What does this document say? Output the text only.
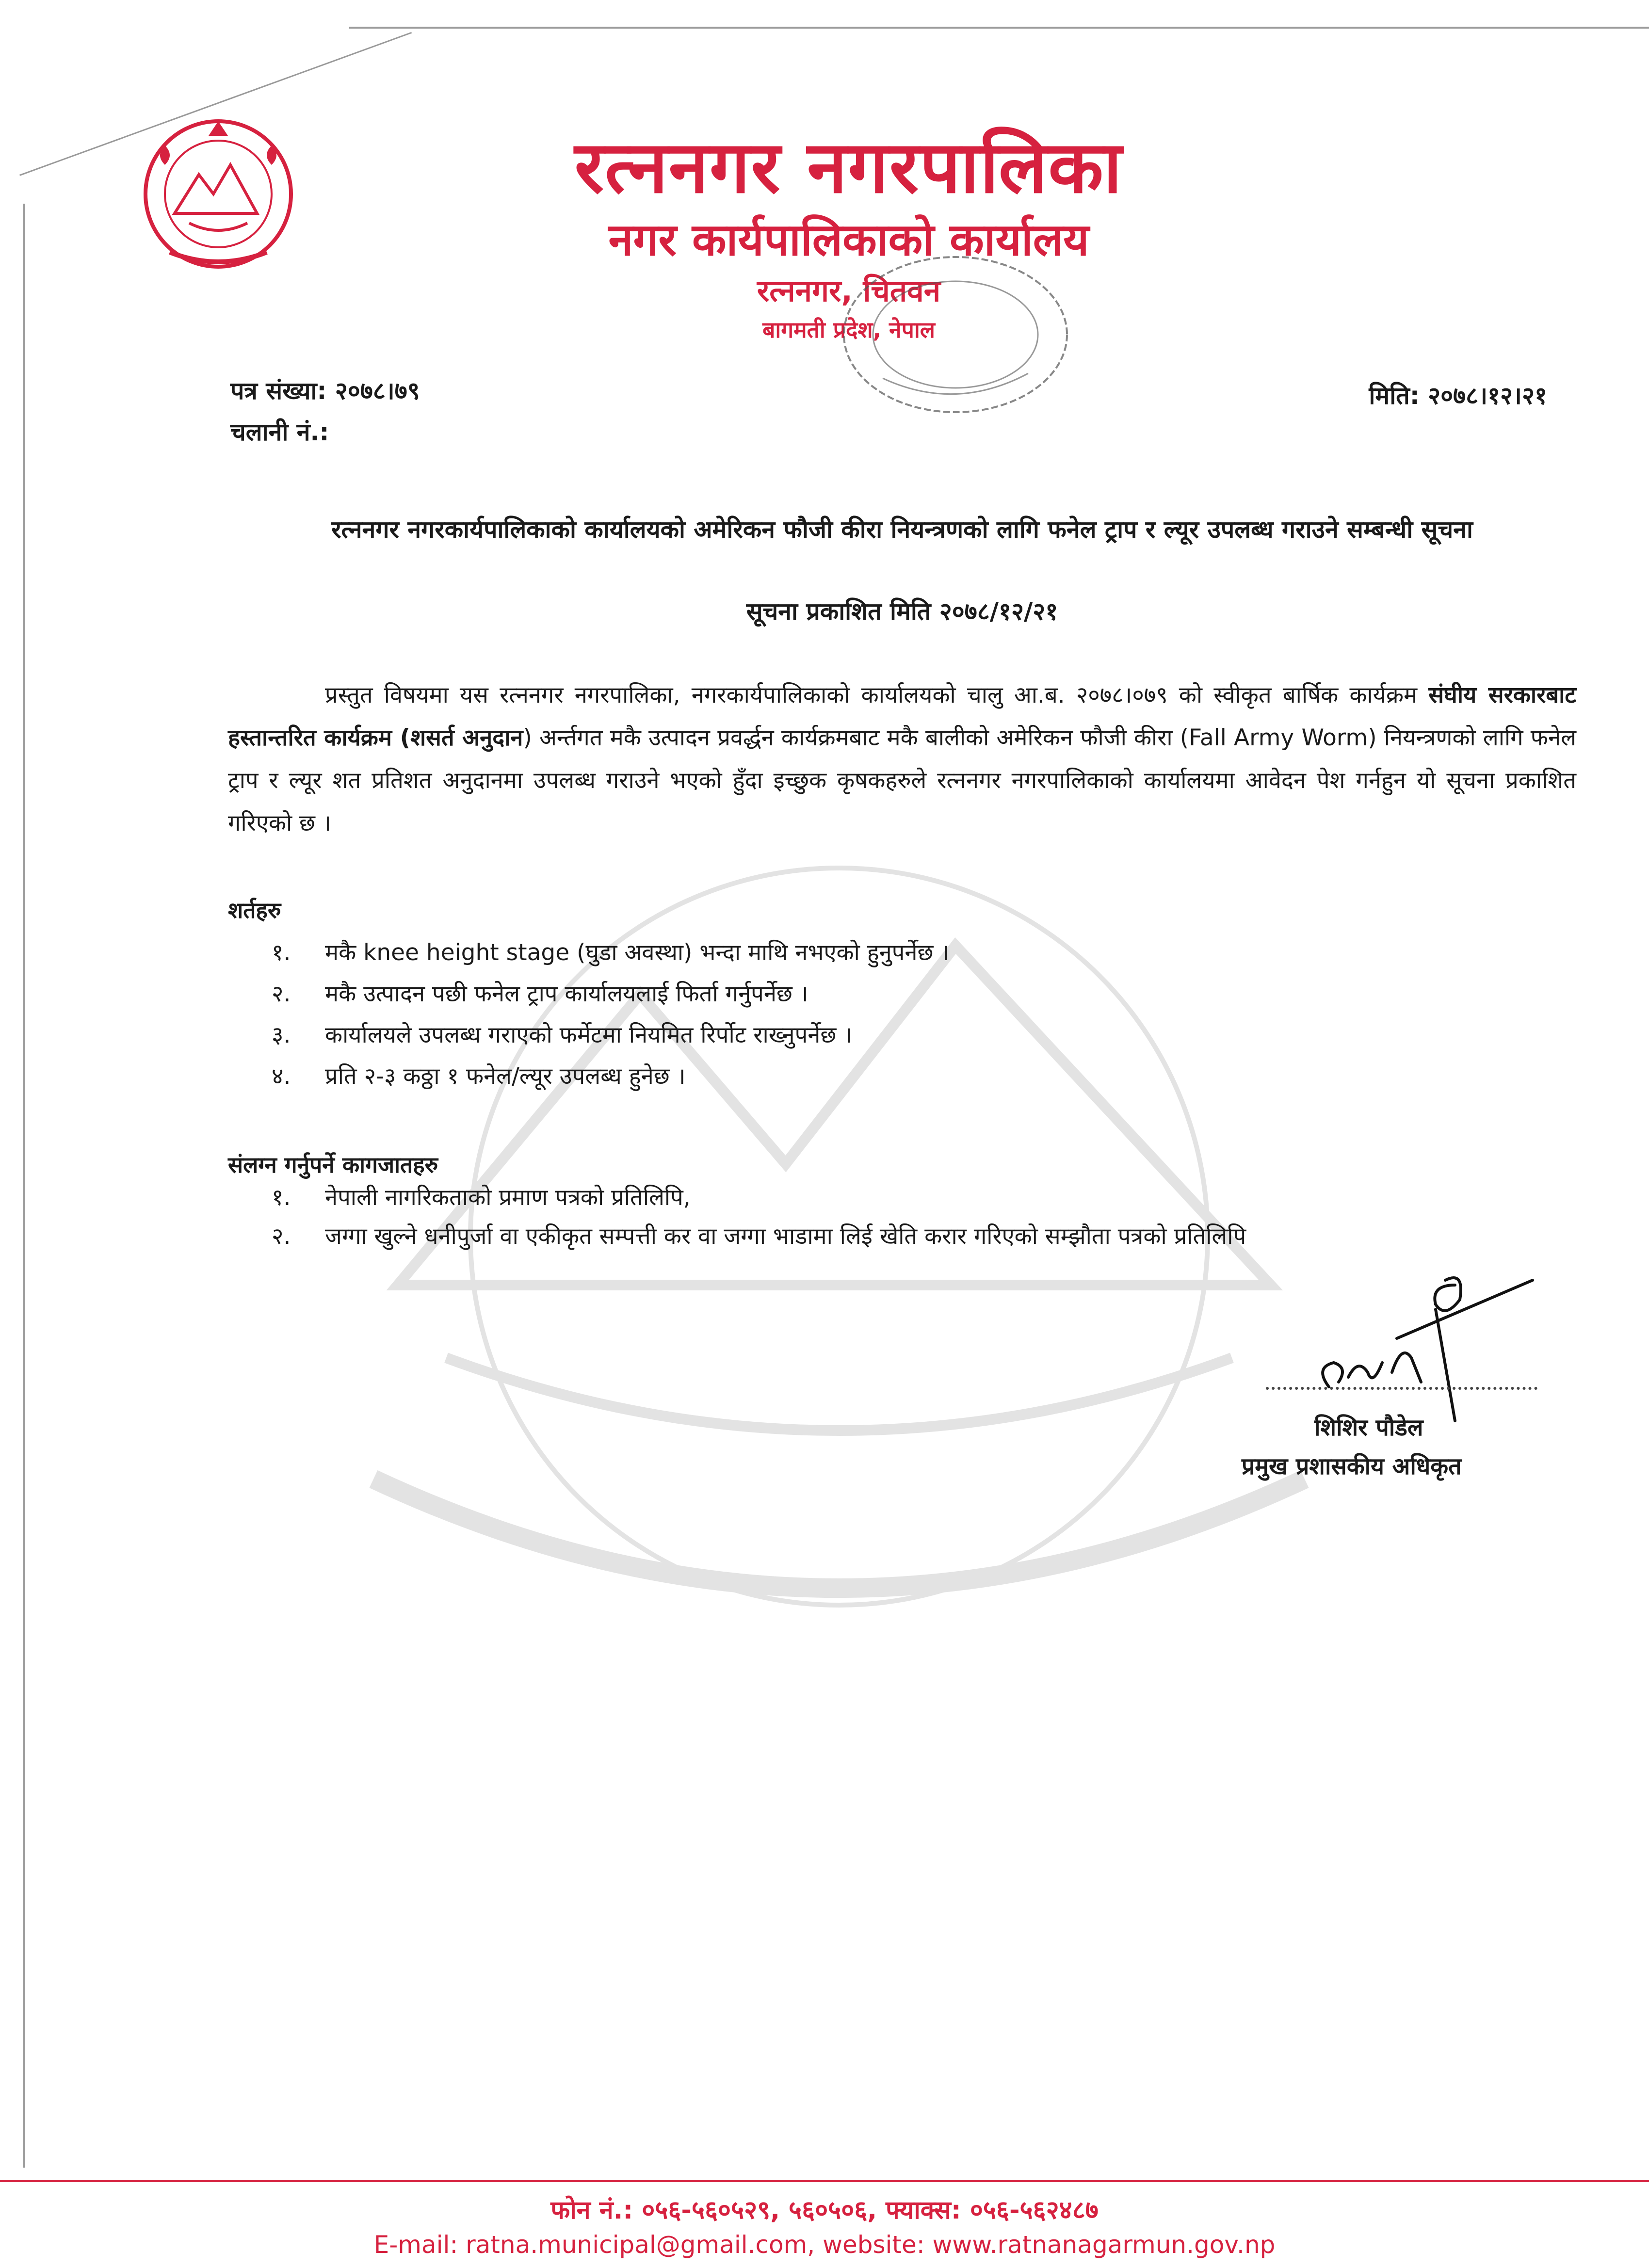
रत्ननगर नगरपालिका
नगर कार्यपालिकाको कार्यालय
रत्ननगर, चितवन
बागमती प्रदेश, नेपाल
पत्र संख्या: २०७८।७९
चलानी नं.:
मिति: २०७८।१२।२१
रत्ननगर नगरकार्यपालिकाको कार्यालयको अमेरिकन फौजी कीरा नियन्त्रणको लागि फनेल ट्राप र ल्यूर उपलब्ध गराउने सम्बन्धी सूचना
सूचना प्रकाशित मिति २०७८/१२/२१
प्रस्तुत विषयमा यस रत्ननगर नगरपालिका, नगरकार्यपालिकाको कार्यालयको चालु आ.ब. २०७८।०७९ को स्वीकृत बार्षिक कार्यक्रम संघीय सरकारबाट हस्तान्तरित कार्यक्रम (शसर्त अनुदान) अर्न्तगत मकै उत्पादन प्रवर्द्धन कार्यक्रमबाट मकै बालीको अमेरिकन फौजी कीरा (Fall Army Worm) नियन्त्रणको लागि फनेल ट्राप र ल्यूर शत प्रतिशत अनुदानमा उपलब्ध गराउने भएको हुँदा इच्छुक कृषकहरुले रत्ननगर नगरपालिकाको कार्यालयमा आवेदन पेश गर्नहुन यो सूचना प्रकाशित गरिएको छ ।
शर्तहरु
१. मकै knee height stage (घुडा अवस्था) भन्दा माथि नभएको हुनुपर्नेछ ।
२. मकै उत्पादन पछी फनेल ट्राप कार्यालयलाई फिर्ता गर्नुपर्नेछ ।
३. कार्यालयले उपलब्ध गराएको फर्मेटमा नियमित रिर्पोट राख्नुपर्नेछ ।
४. प्रति २-३ कठ्ठा १ फनेल/ल्यूर उपलब्ध हुनेछ ।
संलग्न गर्नुपर्ने कागजातहरु
१. नेपाली नागरिकताको प्रमाण पत्रको प्रतिलिपि,
२. जग्गा खुल्ने धनीपुर्जा वा एकीकृत सम्पत्ती कर वा जग्गा भाडामा लिई खेति करार गरिएको सम्झौता पत्रको प्रतिलिपि
शिशिर पौडेल
प्रमुख प्रशासकीय अधिकृत
फोन नं.: ०५६-५६०५२९, ५६०५०६, फ्याक्स: ०५६-५६२४८७
E-mail: ratna.municipal@gmail.com, website: www.ratnanagarmun.gov.np
